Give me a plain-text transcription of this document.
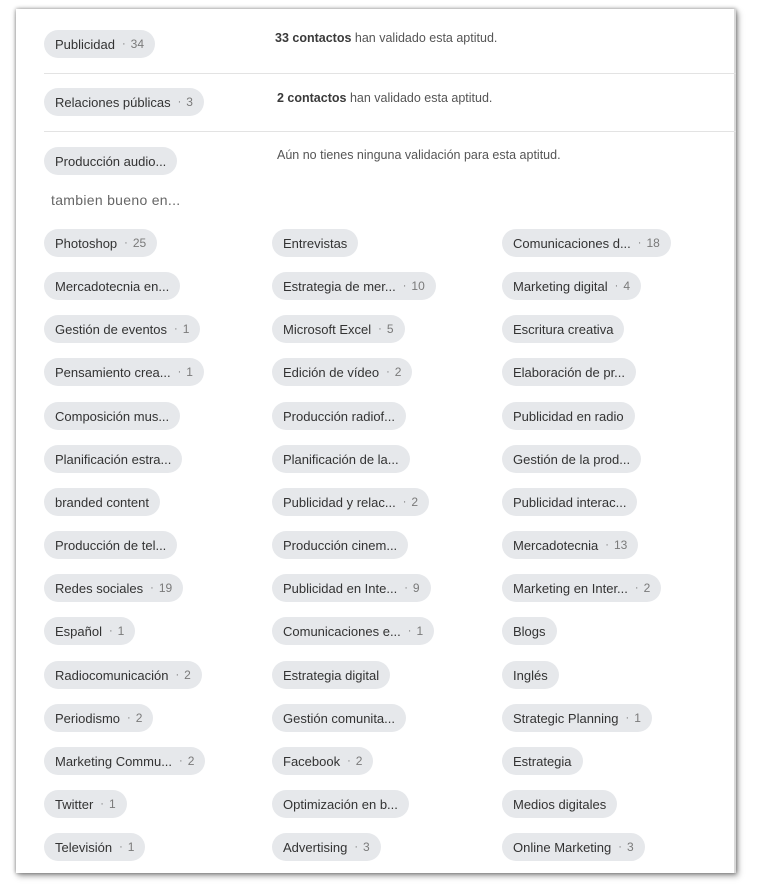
Publicidad · 34	33 contactos han validado esta aptitud.
Relaciones públicas · 3	2 contactos han validado esta aptitud.
Producción audio...	Aún no tienes ninguna validación para esta aptitud.
tambien bueno en...
Photoshop · 25	Entrevistas	Comunicaciones d... · 18
Mercadotecnia en...	Estrategia de mer... · 10	Marketing digital · 4
Gestión de eventos · 1	Microsoft Excel · 5	Escritura creativa
Pensamiento crea... · 1	Edición de vídeo · 2	Elaboración de pr...
Composición mus...	Producción radiof...	Publicidad en radio
Planificación estra...	Planificación de la...	Gestión de la prod...
branded content	Publicidad y relac... · 2	Publicidad interac...
Producción de tel...	Producción cinem...	Mercadotecnia · 13
Redes sociales · 19	Publicidad en Inte... · 9	Marketing en Inter... · 2
Español · 1	Comunicaciones e... · 1	Blogs
Radiocomunicación · 2	Estrategia digital	Inglés
Periodismo · 2	Gestión comunita...	Strategic Planning · 1
Marketing Commu... · 2	Facebook · 2	Estrategia
Twitter · 1	Optimización en b...	Medios digitales
Televisión · 1	Advertising · 3	Online Marketing · 3
